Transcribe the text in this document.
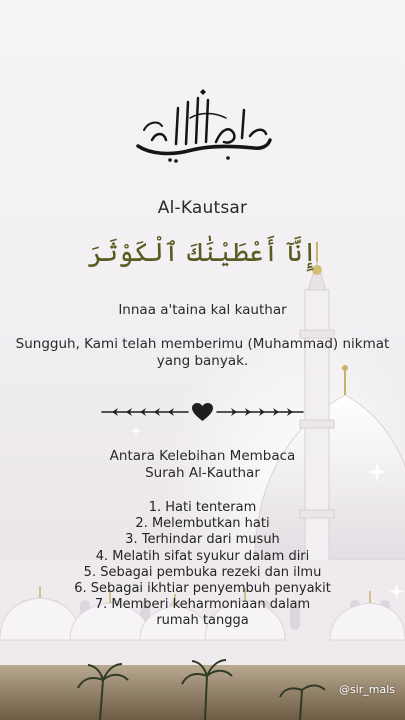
Al-Kautsar
إِنَّآ أَعْطَيْنَٰكَ ٱلْكَوْثَرَ
Innaa a'taina kal kauthar
Sungguh, Kami telah memberimu (Muhammad) nikmat yang banyak.
Antara Kelebihan Membaca Surah Al-Kauthar
1. Hati tenteram
2. Melembutkan hati
3. Terhindar dari musuh
4. Melatih sifat syukur dalam diri
5. Sebagai pembuka rezeki dan ilmu
6. Sebagai ikhtiar penyembuh penyakit
7. Memberi keharmoniaan dalam rumah tangga
@sir_mals
